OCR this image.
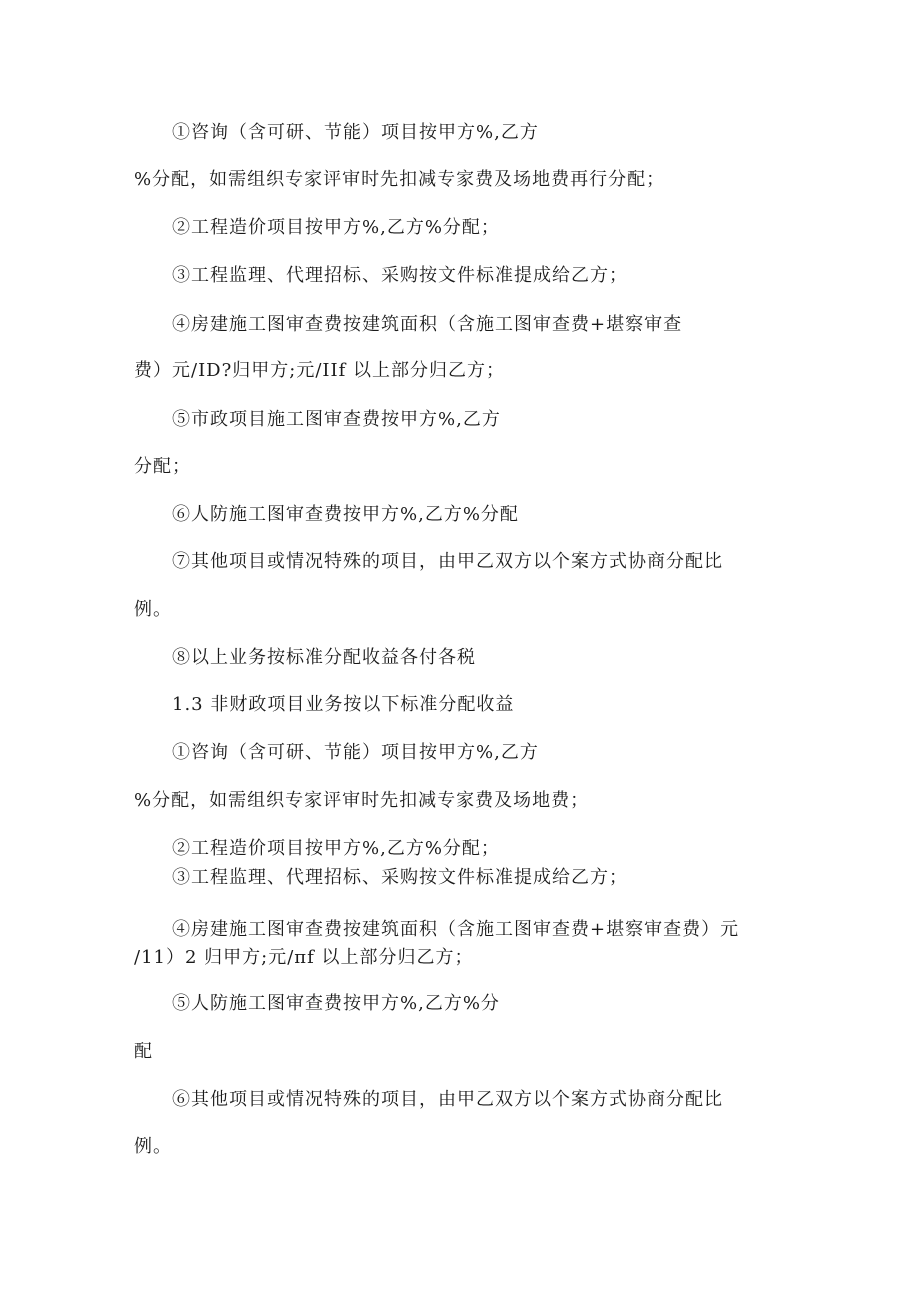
①咨询（含可研、节能）项目按甲方%,乙方
%分配，如需组织专家评审时先扣减专家费及场地费再行分配；
②工程造价项目按甲方%,乙方%分配；
③工程监理、代理招标、采购按文件标准提成给乙方；
④房建施工图审查费按建筑面积（含施工图审查费+堪察审查
费）元/ID?归甲方;元/IIf 以上部分归乙方；
⑤市政项目施工图审查费按甲方%,乙方
分配；
⑥人防施工图审查费按甲方%,乙方%分配
⑦其他项目或情况特殊的项目，由甲乙双方以个案方式协商分配比
例。
⑧以上业务按标准分配收益各付各税
1.3 非财政项目业务按以下标准分配收益
①咨询（含可研、节能）项目按甲方%,乙方
%分配，如需组织专家评审时先扣减专家费及场地费；
②工程造价项目按甲方%,乙方%分配；
③工程监理、代理招标、采购按文件标准提成给乙方；
④房建施工图审查费按建筑面积（含施工图审查费+堪察审查费）元
/11）2 归甲方;元/πf 以上部分归乙方；
⑤人防施工图审查费按甲方%,乙方%分
配
⑥其他项目或情况特殊的项目，由甲乙双方以个案方式协商分配比
例。
